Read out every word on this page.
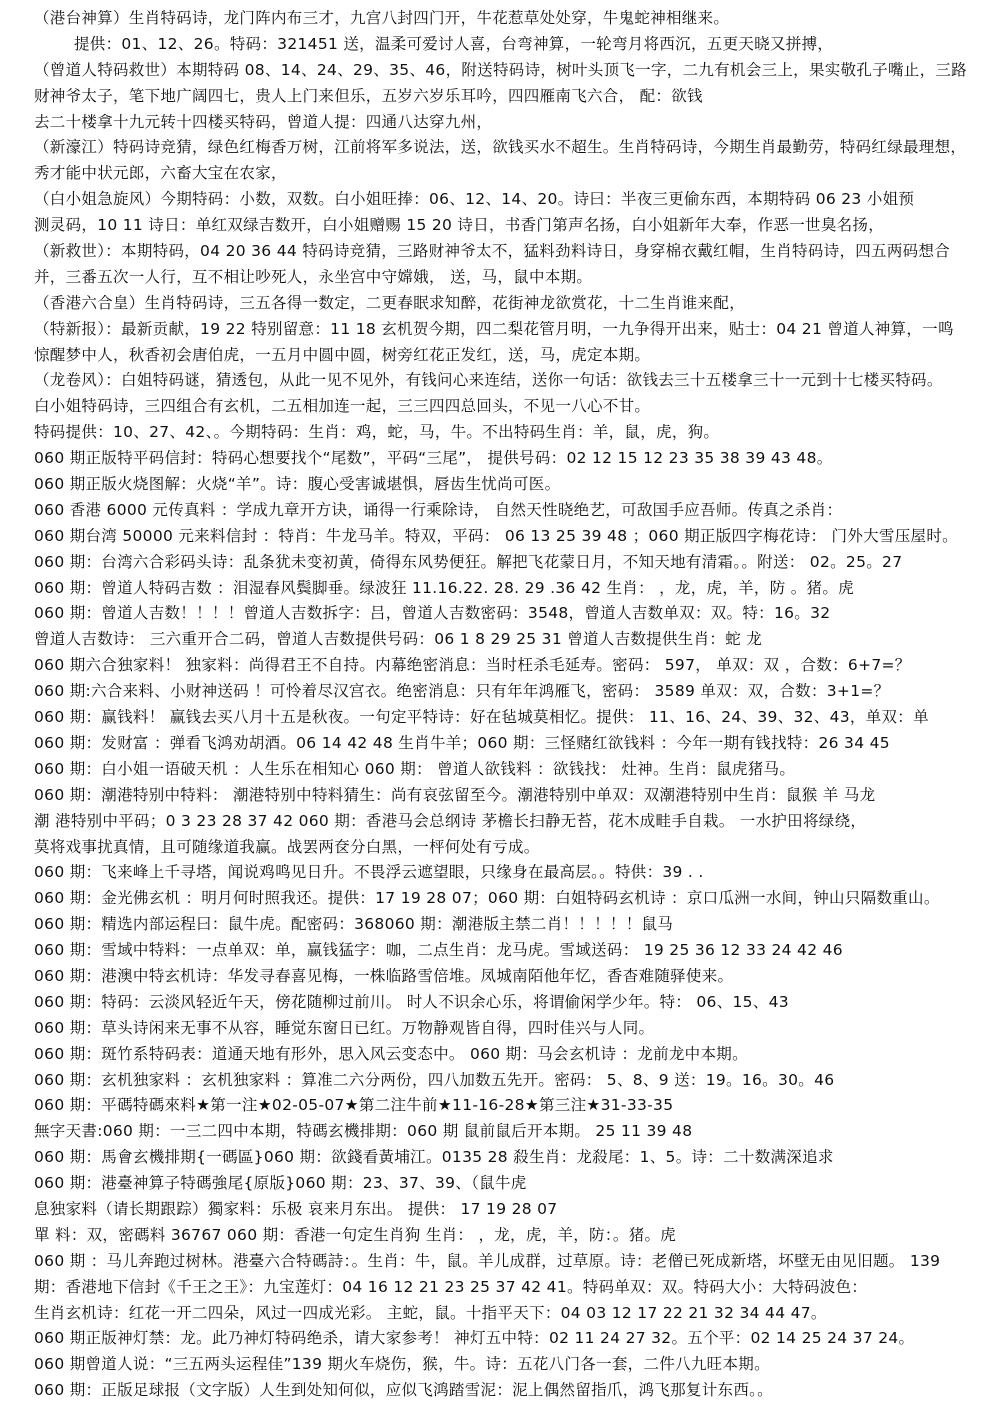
（港台神算）生肖特码诗，龙门阵内布三才，九宫八封四门开，牛花惹草处处穿，牛鬼蛇神相继来。
提供：01、12、26。特码：321451 送，温柔可爱讨人喜，台弯神算，一轮弯月将西沉，五更天晓又拼搏，
（曾道人特码救世）本期特码 08、14、24、29、35、46，附送特码诗，树叶头顶飞一字，二九有机会三上，果实敬孔子嘴止，三路
财神爷太子，笔下地广阔四七，贵人上门来但乐，五岁六岁乐耳吟，四四雁南飞六合， 配：欲钱
去二十楼拿十九元转十四楼买特码，曾道人提：四通八达穿九州，
（新濠江）特码诗竞猜，绿色红梅香万树，江前将军多说法，送，欲钱买水不超生。生肖特码诗，今期生肖最勤劳，特码红绿最理想，
秀才能中状元郎，六畜大宝在农家，
（白小姐急旋风）今期特码：小数，双数。白小姐旺捧：06、12、14、20。诗曰：半夜三更偷东西，本期特码 06 23 小姐预
测灵码，10 11 诗日：单红双绿吉数开，白小姐赠赐 15 20 诗日，书香门第声名扬，白小姐新年大奉，作恶一世臭名扬，
（新救世）：本期特码，04 20 36 44 特码诗竞猜，三路财神爷太不，猛料劲料诗日，身穿棉衣戴红帽，生肖特码诗，四五两码想合
并，三番五次一人行，互不相让吵死人，永坐宫中守嫦娥， 送，马，鼠中本期。
（香港六合皇）生肖特码诗，三五各得一数定，二更春眠求知醉，花街神龙欲赏花，十二生肖谁来配，
（特新报）：最新贡献，19 22 特别留意：11 18 玄机贺今期，四二梨花管月明，一九争得开出来，贴士：04 21 曾道人神算，一鸣
惊醒梦中人，秋香初会唐伯虎，一五月中圆中圆，树旁红花正发红，送，马，虎定本期。
（龙卷风）：白姐特码谜，猜透包，从此一见不见外，有钱问心来连结，送你一句话：欲钱去三十五楼拿三十一元到十七楼买特码。
白小姐特码诗，三四组合有玄机，二五相加连一起，三三四四总回头，不见一八心不甘。
特码提供：10、27、42、。今期特码：生肖：鸡，蛇，马，牛。不出特码生肖：羊，鼠，虎，狗。
060 期正版特平码信封：特码心想要找个“尾数”，平码“三尾”， 提供号码：02 12 15 12 23 35 38 39 43 48。
060 期正版火烧图解：火烧“羊”。诗：腹心受害诚堪惧，唇齿生忧尚可医。
060 香港 6000 元传真料 ：学成九章开方诀，诵得一行乘除诗， 自然天性晓绝艺，可敌国手应吾师。传真之杀肖：
060 期台湾 50000 元来料信封 ：特肖：牛龙马羊。特双，平码： 06 13 25 39 48 ；060 期正版四字梅花诗： 门外大雪压屋时。
060 期：台湾六合彩码头诗：乱条犹未变初黄，倚得东风势便狂。解把飞花蒙日月，不知天地有清霜。。附送： 02。25。27
060 期：曾道人特码吉数 ：泪湿春风鬓脚垂。绿波狂 11.16.22. 28. 29 .36 42 生肖： ，龙，虎，羊，防 。猪。虎
060 期：曾道人吉数！！！！曾道人吉数拆字：吕，曾道人吉数密码：3548，曾道人吉数单双：双。特：16。32
曾道人吉数诗： 三六重开合二码，曾道人吉数提供号码：06 1 8 29 25 31 曾道人吉数提供生肖：蛇 龙
060 期六合独家料！ 独家料：尚得君王不自持。内幕绝密消息：当时枉杀毛延寿。密码： 597， 单双：双 ，合数：6+7=？
060 期:六合来料、小财神送码 ！可怜着尽汉宫衣。绝密消息：只有年年鸿雁飞，密码： 3589 单双：双，合数：3+1=？
060 期：赢钱料！ 赢钱去买八月十五是秋夜。一句定平特诗：好在毡城莫相忆。提供： 11、16、24、39、32、43，单双：单
060 期：发财富 ：弹看飞鸿劝胡酒。06 14 42 48 生肖牛羊；060 期：三怪赌红欲钱料 ：今年一期有钱找特：26 34 45
060 期：白小姐一语破天机 ：人生乐在相知心 060 期： 曾道人欲钱料 ：欲钱找： 灶神。生肖：鼠虎猪马。
060 期：潮港特别中特料： 潮港特别中特料猜生：尚有哀弦留至今。潮港特别中单双：双潮港特别中生肖：鼠猴 羊 马龙
潮 港特别中平码；0 3 23 28 37 42 060 期：香港马会总纲诗 茅檐长扫静无苔，花木成畦手自栽。 一水护田将绿绕，
莫将戏事扰真情，且可随缘道我赢。战罢两奁分白黑，一枰何处有亏成。
060 期：飞来峰上千寻塔，闻说鸡鸣见日升。不畏浮云遮望眼，只缘身在最高层。。特供：39 . .
060 期：金光佛玄机 ：明月何时照我还。提供：17 19 28 07；060 期：白姐特码玄机诗 ：京口瓜洲一水间，钟山只隔数重山。
060 期：精选内部运程曰：鼠牛虎。配密码：368060 期：潮港版主禁二肖！！！！！鼠马
060 期：雪域中特料：一点单双：单，赢钱猛字：咖，二点生肖：龙马虎。雪域送码： 19 25 36 12 33 24 42 46
060 期：港澳中特玄机诗：华发寻春喜见梅，一株临路雪倍堆。凤城南陌他年忆，香杳难随驿使来。
060 期：特码：云淡风轻近午天，傍花随柳过前川。 时人不识余心乐，将谓偷闲学少年。特： 06、15、43
060 期：草头诗闲来无事不从容，睡觉东窗日已红。万物静观皆自得，四时佳兴与人同。
060 期：斑竹系特码表：道通天地有形外，思入风云变态中。 060 期：马会玄机诗 ：龙前龙中本期。
060 期：玄机独家料 ：玄机独家料 ：算准二六分两份，四八加数五先开。密码： 5、8、9 送：19。16。30。46
060 期：平碼特碼來料★第一注★02-05-07★第二注牛前★11-16-28★第三注★31-33-35
無字天書:060 期：一三二四中本期，特碼玄機排期：060 期 鼠前鼠后开本期。 25 11 39 48
060 期：馬會玄機排期{一碼區}060 期：欲錢看黃埔江。0135 28 殺生肖：龙殺尾：1、5。诗：二十数满深追求
060 期：港臺神算子特碼強尾{原版}060 期：23、37、39、（鼠牛虎
息独家料（请长期跟踪）獨家料：乐极 哀来月东出。 提供： 17 19 28 07
單 料：双，密碼料 36767 060 期：香港一句定生肖狗 生肖： ，龙，虎，羊，防：。猪。虎
060 期 ：马儿奔跑过树林。港臺六合特碼詩：。生肖：牛，鼠。羊儿成群，过草原。诗：老僧已死成新塔，坏壁无由见旧题。 139
期：香港地下信封《千王之王》：九宝莲灯：04 16 12 21 23 25 37 42 41。特码单双：双。特码大小：大特码波色：
生肖玄机诗：红花一开二四朵，风过一四成光彩。 主蛇，鼠。十指平天下：04 03 12 17 22 21 32 34 44 47。
060 期正版神灯禁：龙。此乃神灯特码绝杀，请大家参考！ 神灯五中特：02 11 24 27 32。五个平：02 14 25 24 37 24。
060 期曾道人说：“三五两头运程佳”139 期火车烧伤，猴，牛。诗：五花八门各一套，二件八九旺本期。
060 期：正版足球报（文字版）人生到处知何似，应似飞鸿踏雪泥：泥上偶然留指爪，鸿飞那复计东西。。
